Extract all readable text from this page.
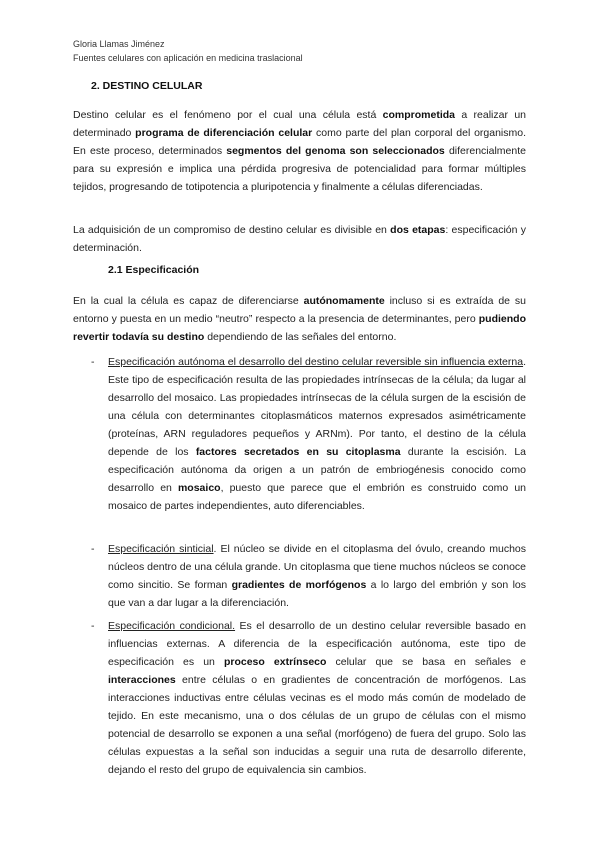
Gloria Llamas Jiménez
Fuentes celulares con aplicación en medicina traslacional
2. DESTINO CELULAR
Destino celular es el fenómeno por el cual una célula está comprometida a realizar un determinado programa de diferenciación celular como parte del plan corporal del organismo. En este proceso, determinados segmentos del genoma son seleccionados diferencialmente para su expresión e implica una pérdida progresiva de potencialidad para formar múltiples tejidos, progresando de totipotencia a pluripotencia y finalmente a células diferenciadas.
La adquisición de un compromiso de destino celular es divisible en dos etapas: especificación y determinación.
2.1 Especificación
En la cual la célula es capaz de diferenciarse autónomamente incluso si es extraída de su entorno y puesta en un medio “neutro” respecto a la presencia de determinantes, pero pudiendo revertir todavía su destino dependiendo de las señales del entorno.
- Especificación autónoma el desarrollo del destino celular reversible sin influencia externa. Este tipo de especificación resulta de las propiedades intrínsecas de la célula; da lugar al desarrollo del mosaico. Las propiedades intrínsecas de la célula surgen de la escisión de una célula con determinantes citoplasmáticos maternos expresados asimétricamente (proteínas, ARN reguladores pequeños y ARNm). Por tanto, el destino de la célula depende de los factores secretados en su citoplasma durante la escisión. La especificación autónoma da origen a un patrón de embriogénesis conocido como desarrollo en mosaico, puesto que parece que el embrión es construido como un mosaico de partes independientes, auto diferenciables.
- Especificación sinticial. El núcleo se divide en el citoplasma del óvulo, creando muchos núcleos dentro de una célula grande. Un citoplasma que tiene muchos núcleos se conoce como sincitio. Se forman gradientes de morfógenos a lo largo del embrión y son los que van a dar lugar a la diferenciación.
- Especificación condicional. Es el desarrollo de un destino celular reversible basado en influencias externas. A diferencia de la especificación autónoma, este tipo de especificación es un proceso extrínseco celular que se basa en señales e interacciones entre células o en gradientes de concentración de morfógenos. Las interacciones inductivas entre células vecinas es el modo más común de modelado de tejido. En este mecanismo, una o dos células de un grupo de células con el mismo potencial de desarrollo se exponen a una señal (morfógeno) de fuera del grupo. Solo las células expuestas a la señal son inducidas a seguir una ruta de desarrollo diferente, dejando el resto del grupo de equivalencia sin cambios.
